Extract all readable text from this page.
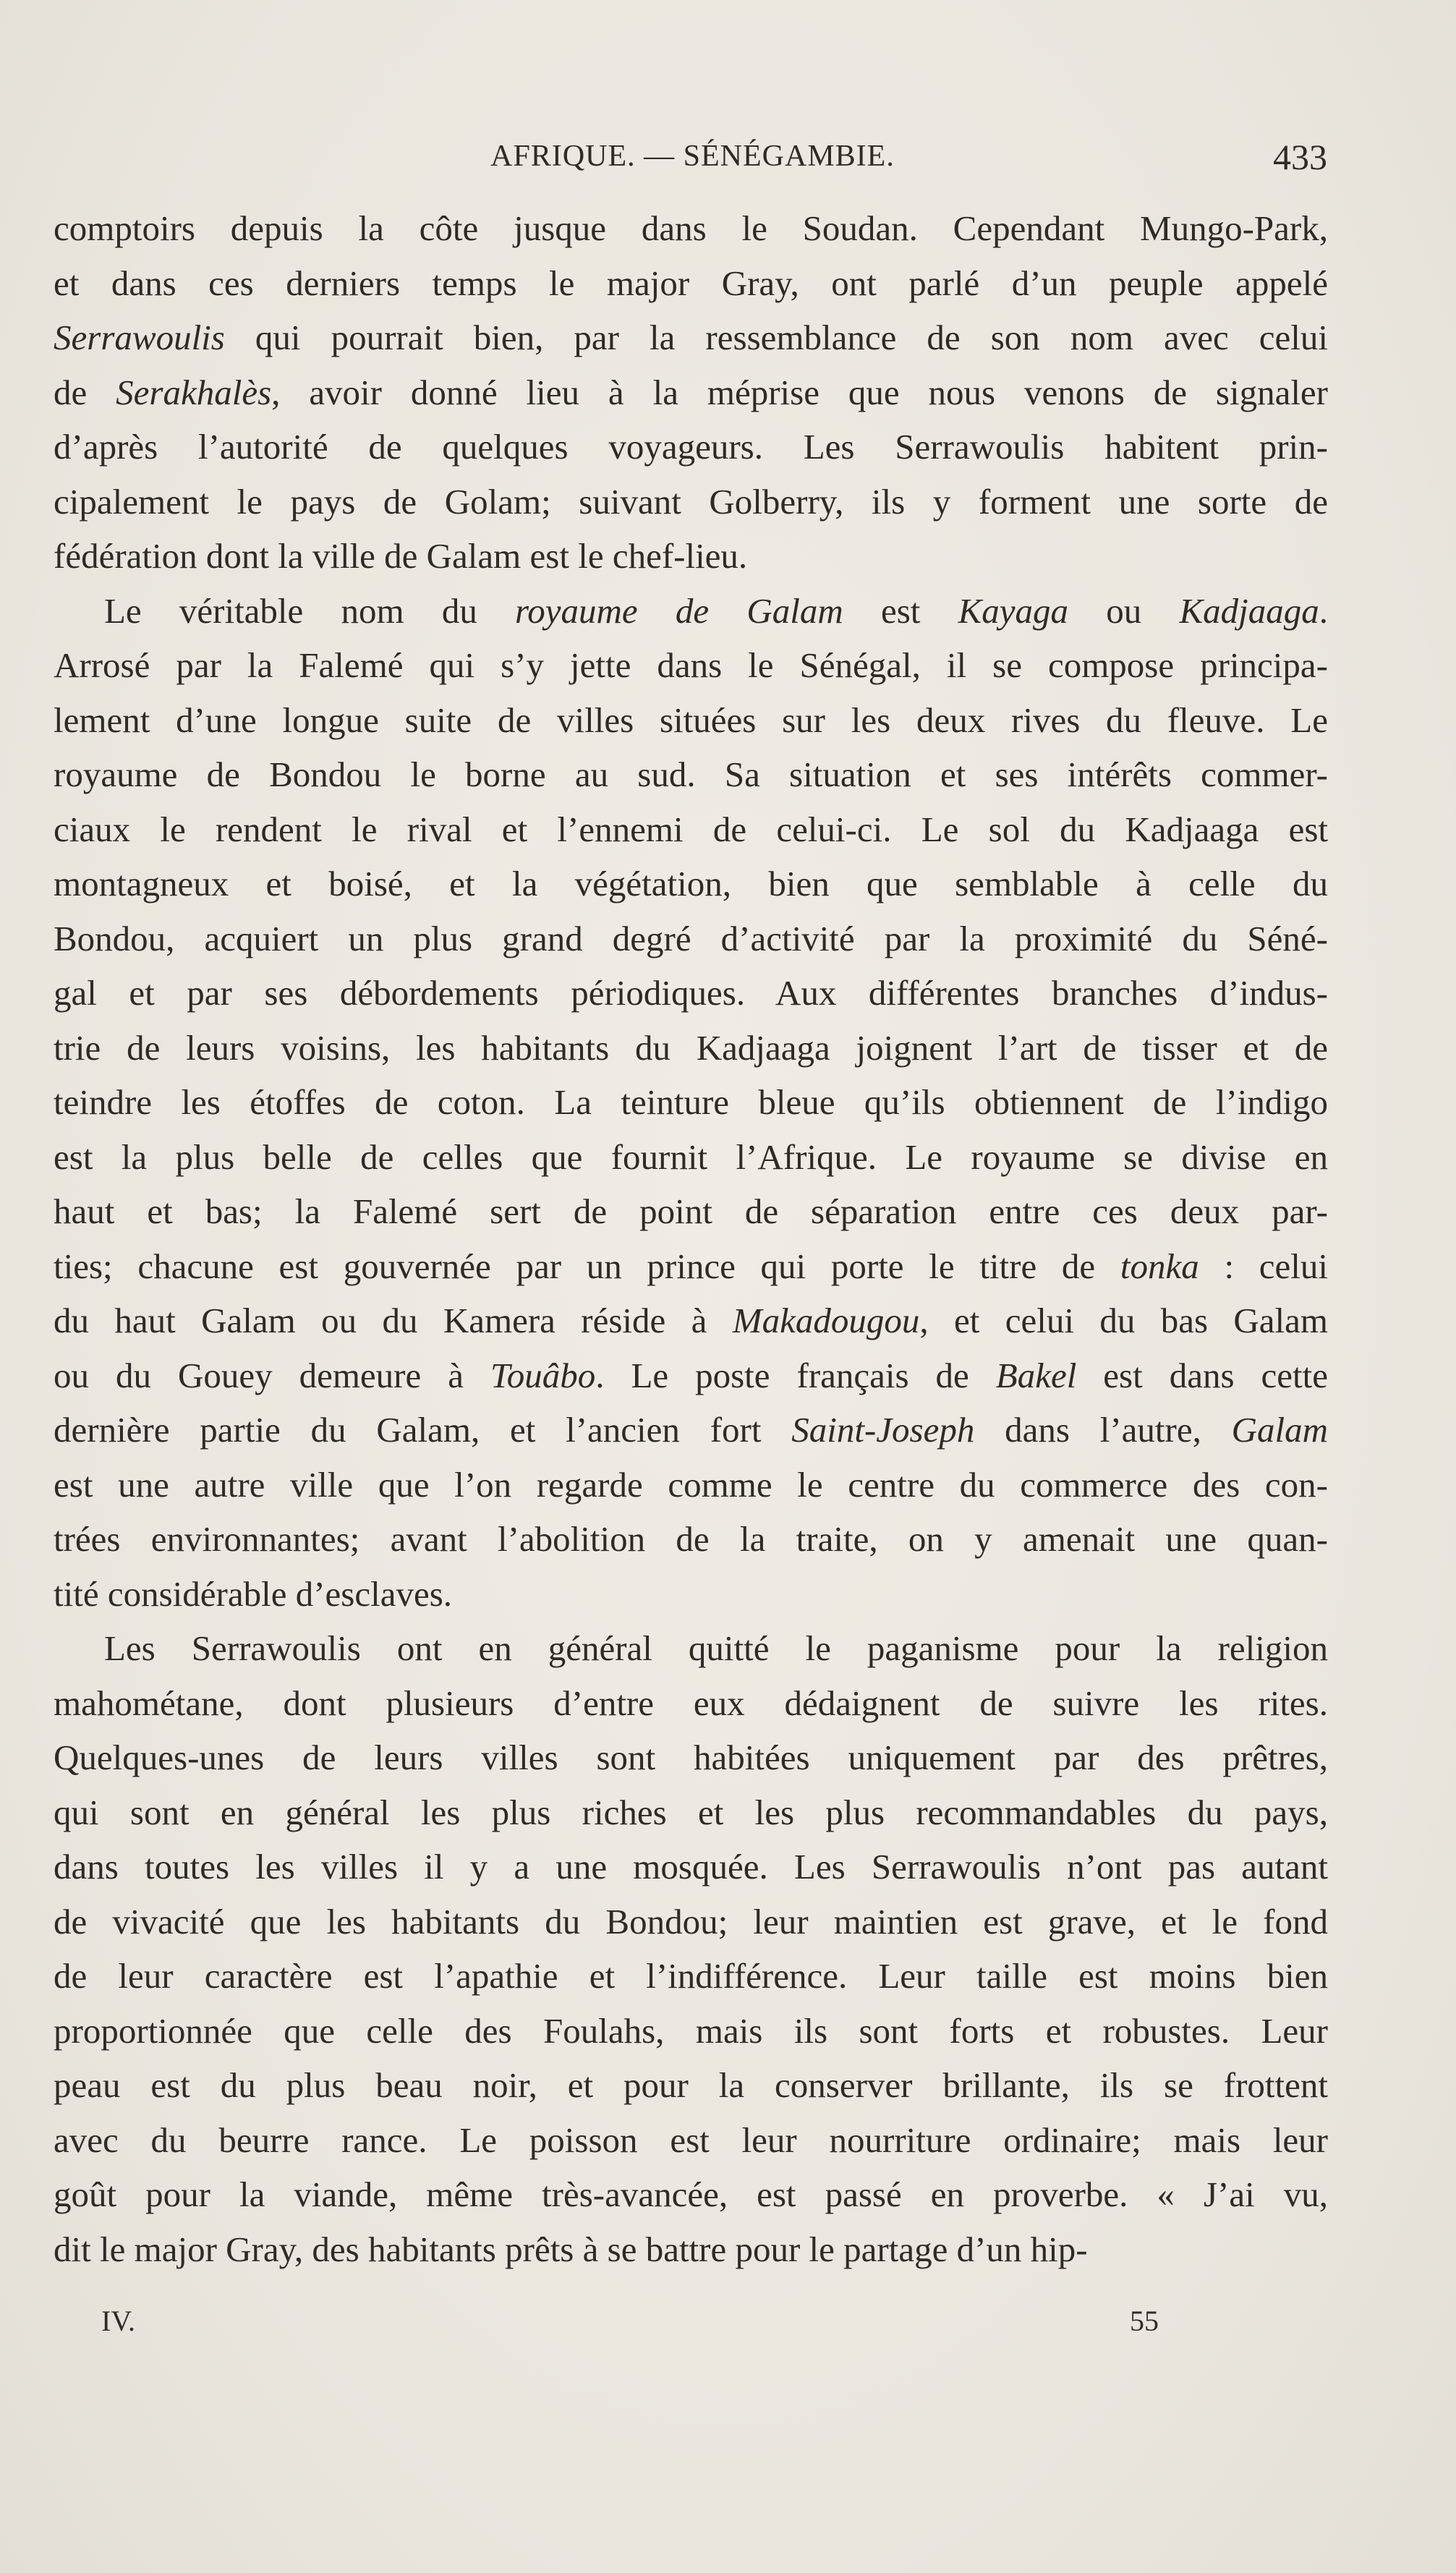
AFRIQUE. — SÉNÉGAMBIE.	433
comptoirs depuis la côte jusque dans le Soudan. Cependant Mungo-Park,
et dans ces derniers temps le major Gray, ont parlé d’un peuple appelé
Serrawoulis qui pourrait bien, par la ressemblance de son nom avec celui
de Serakhalès, avoir donné lieu à la méprise que nous venons de signaler
d’après l’autorité de quelques voyageurs. Les Serrawoulis habitent prin-
cipalement le pays de Golam; suivant Golberry, ils y forment une sorte de
fédération dont la ville de Galam est le chef-lieu.
Le véritable nom du royaume de Galam est Kayaga ou Kadjaaga.
Arrosé par la Falemé qui s’y jette dans le Sénégal, il se compose principa-
lement d’une longue suite de villes situées sur les deux rives du fleuve. Le
royaume de Bondou le borne au sud. Sa situation et ses intérêts commer-
ciaux le rendent le rival et l’ennemi de celui-ci. Le sol du Kadjaaga est
montagneux et boisé, et la végétation, bien que semblable à celle du
Bondou, acquiert un plus grand degré d’activité par la proximité du Séné-
gal et par ses débordements périodiques. Aux différentes branches d’indus-
trie de leurs voisins, les habitants du Kadjaaga joignent l’art de tisser et de
teindre les étoffes de coton. La teinture bleue qu’ils obtiennent de l’indigo
est la plus belle de celles que fournit l’Afrique. Le royaume se divise en
haut et bas; la Falemé sert de point de séparation entre ces deux par-
ties; chacune est gouvernée par un prince qui porte le titre de tonka : celui
du haut Galam ou du Kamera réside à Makadougou, et celui du bas Galam
ou du Gouey demeure à Touâbo. Le poste français de Bakel est dans cette
dernière partie du Galam, et l’ancien fort Saint-Joseph dans l’autre, Galam
est une autre ville que l’on regarde comme le centre du commerce des con-
trées environnantes; avant l’abolition de la traite, on y amenait une quan-
tité considérable d’esclaves.
Les Serrawoulis ont en général quitté le paganisme pour la religion
mahométane, dont plusieurs d’entre eux dédaignent de suivre les rites.
Quelques-unes de leurs villes sont habitées uniquement par des prêtres,
qui sont en général les plus riches et les plus recommandables du pays,
dans toutes les villes il y a une mosquée. Les Serrawoulis n’ont pas autant
de vivacité que les habitants du Bondou; leur maintien est grave, et le fond
de leur caractère est l’apathie et l’indifférence. Leur taille est moins bien
proportionnée que celle des Foulahs, mais ils sont forts et robustes. Leur
peau est du plus beau noir, et pour la conserver brillante, ils se frottent
avec du beurre rance. Le poisson est leur nourriture ordinaire; mais leur
goût pour la viande, même très-avancée, est passé en proverbe. « J’ai vu,
dit le major Gray, des habitants prêts à se battre pour le partage d’un hip-
IV.	55
